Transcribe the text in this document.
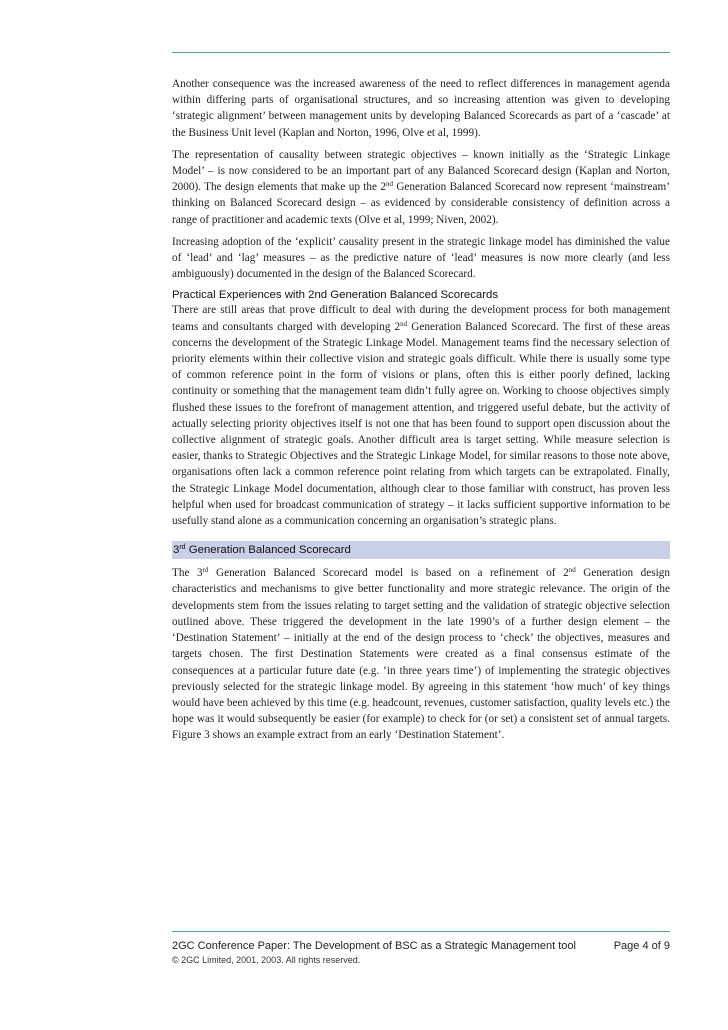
Another consequence was the increased awareness of the need to reflect differences in management agenda within differing parts of organisational structures, and so increasing attention was given to developing ‘strategic alignment’ between management units by developing Balanced Scorecards as part of a ‘cascade’ at the Business Unit level (Kaplan and Norton, 1996, Olve et al, 1999).

The representation of causality between strategic objectives – known initially as the ‘Strategic Linkage Model’ – is now considered to be an important part of any Balanced Scorecard design (Kaplan and Norton, 2000). The design elements that make up the 2nd Generation Balanced Scorecard now represent ‘mainstream’ thinking on Balanced Scorecard design – as evidenced by considerable consistency of definition across a range of practitioner and academic texts (Olve et al, 1999; Niven, 2002).

Increasing adoption of the ‘explicit’ causality present in the strategic linkage model has diminished the value of ‘lead’ and ‘lag’ measures – as the predictive nature of ‘lead’ measures is now more clearly (and less ambiguously) documented in the design of the Balanced Scorecard.

Practical Experiences with 2nd Generation Balanced Scorecards

There are still areas that prove difficult to deal with during the development process for both management teams and consultants charged with developing 2nd Generation Balanced Scorecard. The first of these areas concerns the development of the Strategic Linkage Model. Management teams find the necessary selection of priority elements within their collective vision and strategic goals difficult. While there is usually some type of common reference point in the form of visions or plans, often this is either poorly defined, lacking continuity or something that the management team didn’t fully agree on. Working to choose objectives simply flushed these issues to the forefront of management attention, and triggered useful debate, but the activity of actually selecting priority objectives itself is not one that has been found to support open discussion about the collective alignment of strategic goals. Another difficult area is target setting. While measure selection is easier, thanks to Strategic Objectives and the Strategic Linkage Model, for similar reasons to those note above, organisations often lack a common reference point relating from which targets can be extrapolated. Finally, the Strategic Linkage Model documentation, although clear to those familiar with construct, has proven less helpful when used for broadcast communication of strategy – it lacks sufficient supportive information to be usefully stand alone as a communication concerning an organisation’s strategic plans.

3rd Generation Balanced Scorecard

The 3rd Generation Balanced Scorecard model is based on a refinement of 2nd Generation design characteristics and mechanisms to give better functionality and more strategic relevance. The origin of the developments stem from the issues relating to target setting and the validation of strategic objective selection outlined above. These triggered the development in the late 1990’s of a further design element – the ‘Destination Statement’ – initially at the end of the design process to ‘check’ the objectives, measures and targets chosen. The first Destination Statements were created as a final consensus estimate of the consequences at a particular future date (e.g. ‘in three years time’) of implementing the strategic objectives previously selected for the strategic linkage model. By agreeing in this statement ‘how much’ of key things would have been achieved by this time (e.g. headcount, revenues, customer satisfaction, quality levels etc.) the hope was it would subsequently be easier (for example) to check for (or set) a consistent set of annual targets. Figure 3 shows an example extract from an early ‘Destination Statement’.

2GC Conference Paper: The Development of BSC as a Strategic Management tool	Page 4 of 9
© 2GC Limited, 2001, 2003. All rights reserved.
